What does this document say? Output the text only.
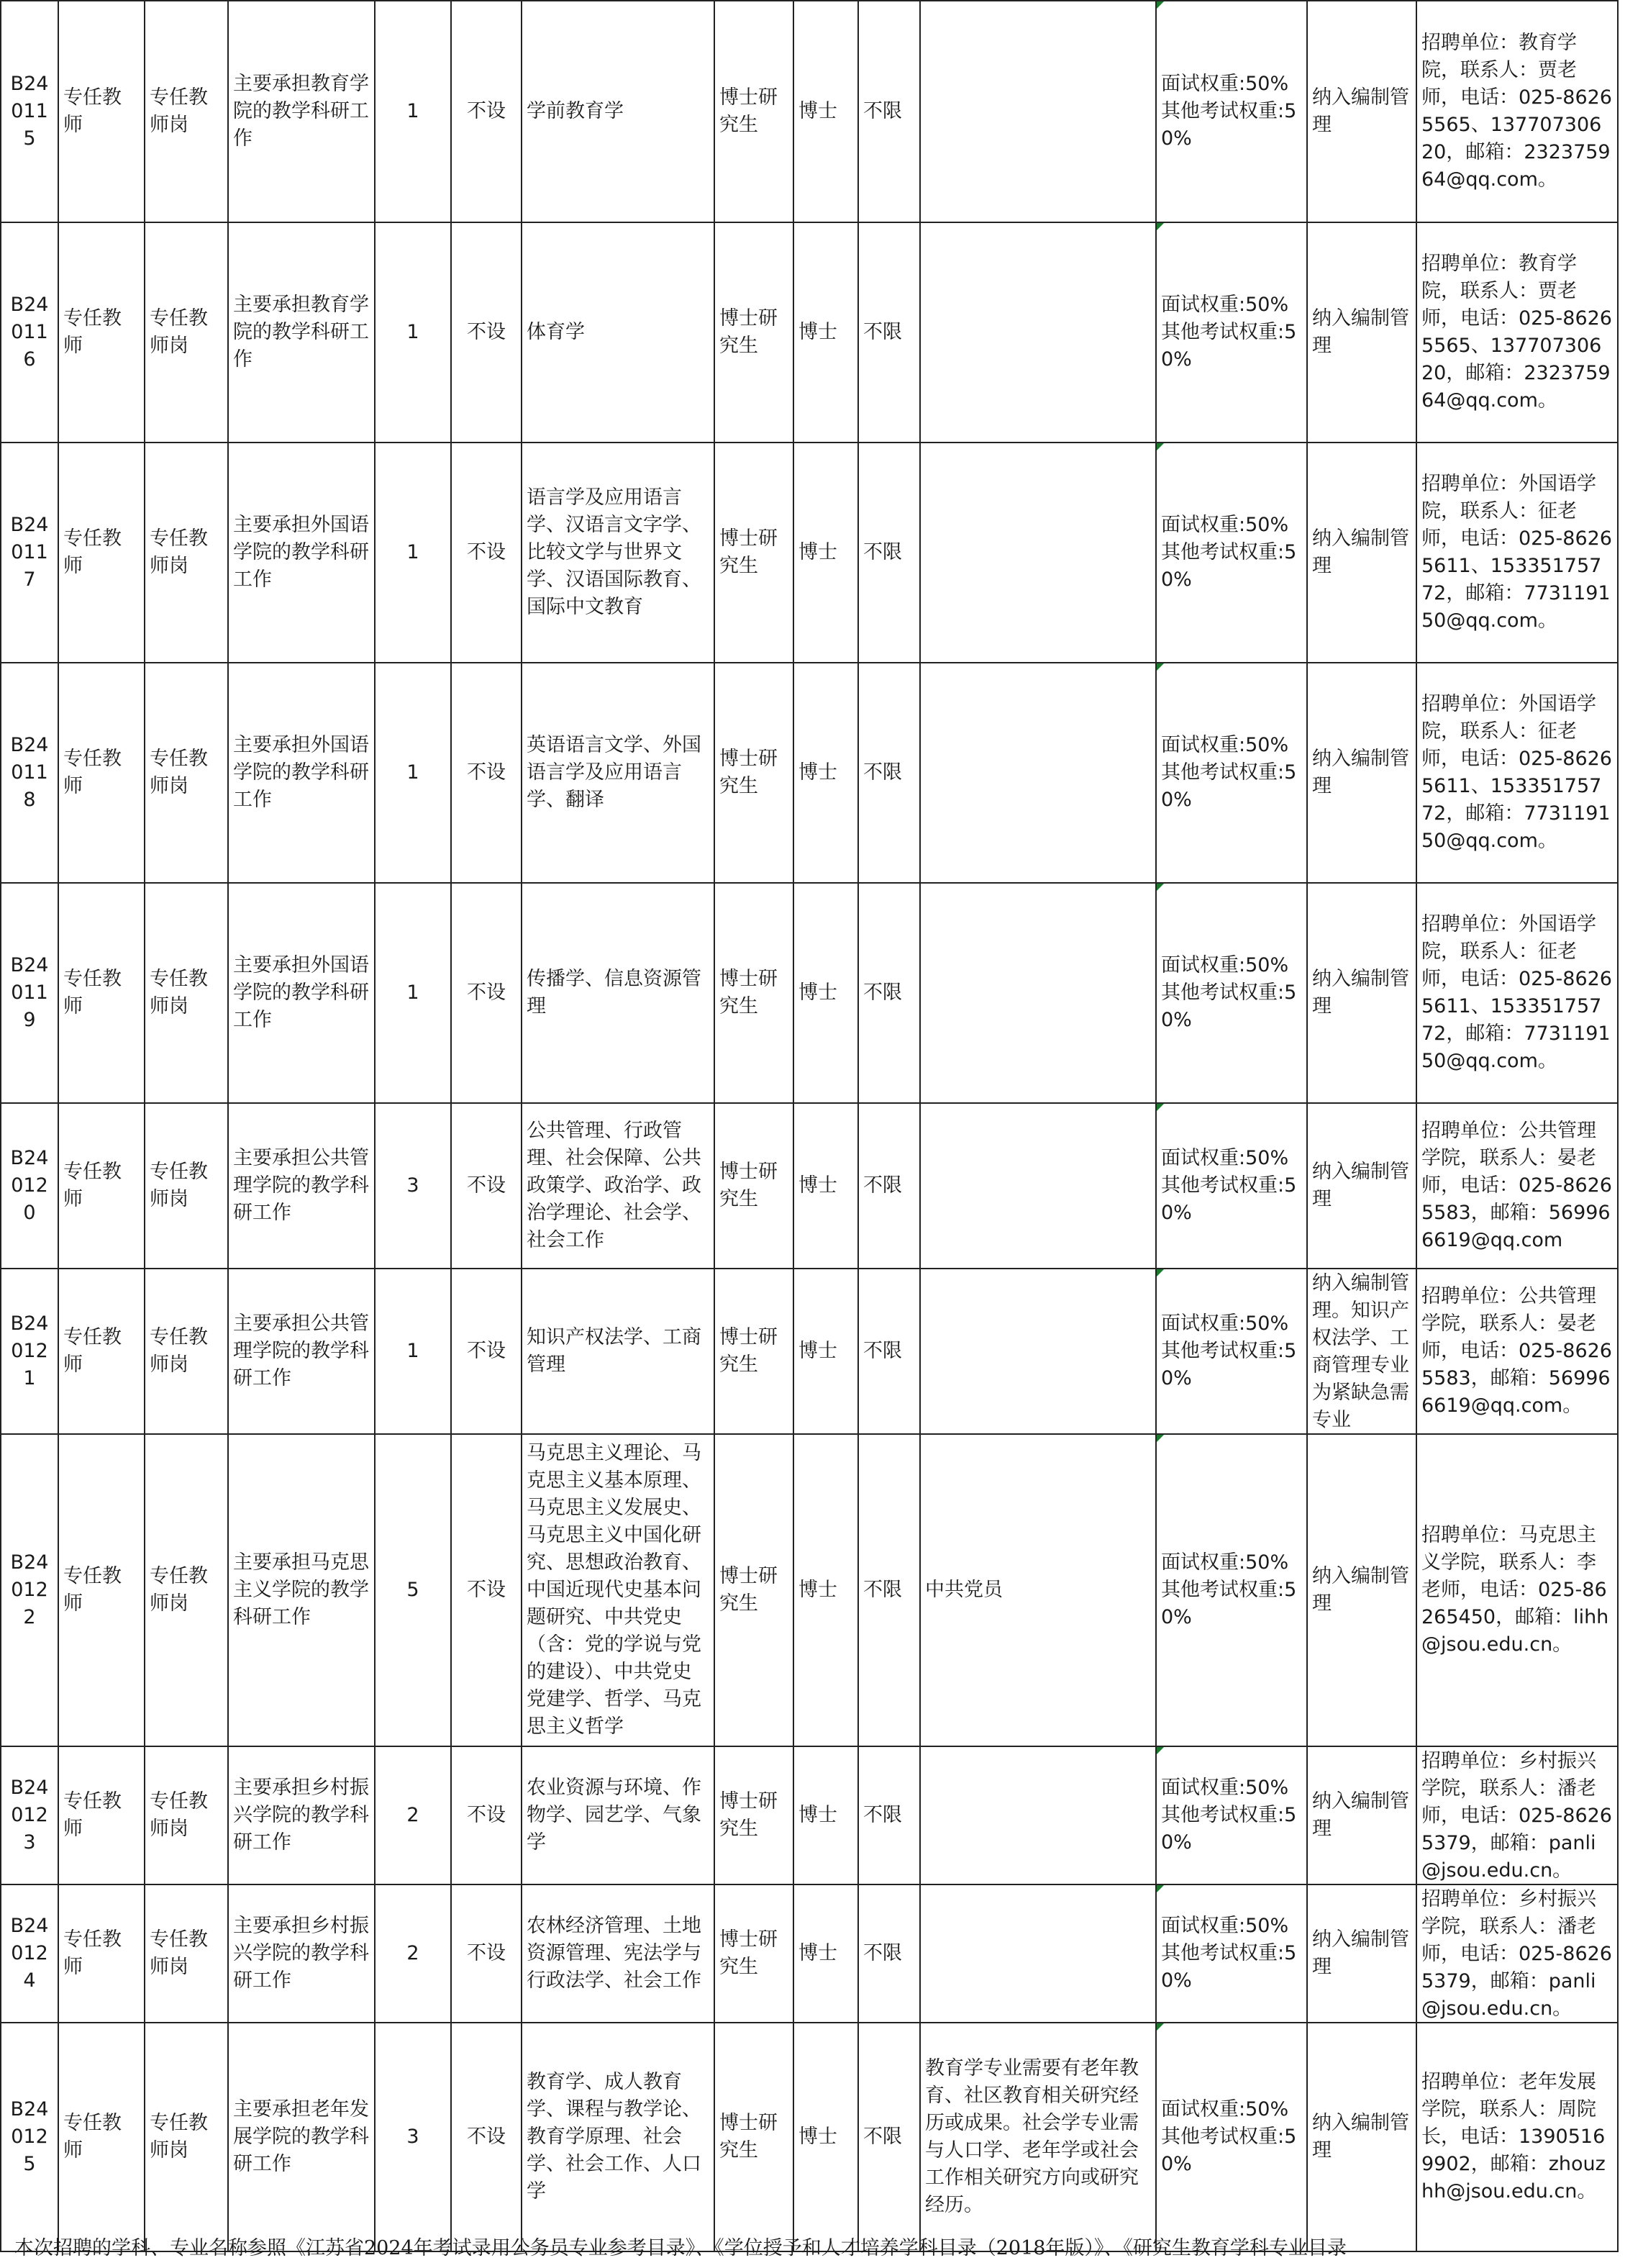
B240115	专任教师	专任教师岗	主要承担教育学院的教学科研工作	1	不设	学前教育学	博士研究生	博士	不限		面试权重:50%其他考试权重:50%	纳入编制管理	招聘单位：教育学院，联系人：贾老师，电话：025-86265565、13770730620，邮箱：232375964@qq.com。

B240116	专任教师	专任教师岗	主要承担教育学院的教学科研工作	1	不设	体育学	博士研究生	博士	不限		面试权重:50%其他考试权重:50%	纳入编制管理	招聘单位：教育学院，联系人：贾老师，电话：025-86265565、13770730620，邮箱：232375964@qq.com。

B240117	专任教师	专任教师岗	主要承担外国语学院的教学科研工作	1	不设	语言学及应用语言学、汉语言文字学、比较文学与世界文学、汉语国际教育、国际中文教育	博士研究生	博士	不限		面试权重:50%其他考试权重:50%	纳入编制管理	招聘单位：外国语学院，联系人：征老师，电话：025-86265611、15335175772，邮箱：773119150@qq.com。

B240118	专任教师	专任教师岗	主要承担外国语学院的教学科研工作	1	不设	英语语言文学、外国语言学及应用语言学、翻译	博士研究生	博士	不限		面试权重:50%其他考试权重:50%	纳入编制管理	招聘单位：外国语学院，联系人：征老师，电话：025-86265611、15335175772，邮箱：773119150@qq.com。

B240119	专任教师	专任教师岗	主要承担外国语学院的教学科研工作	1	不设	传播学、信息资源管理	博士研究生	博士	不限		面试权重:50%其他考试权重:50%	纳入编制管理	招聘单位：外国语学院，联系人：征老师，电话：025-86265611、15335175772，邮箱：773119150@qq.com。

B240120	专任教师	专任教师岗	主要承担公共管理学院的教学科研工作	3	不设	公共管理、行政管理、社会保障、公共政策学、政治学、政治学理论、社会学、社会工作	博士研究生	博士	不限		面试权重:50%其他考试权重:50%	纳入编制管理	招聘单位：公共管理学院，联系人：晏老师，电话：025-86265583，邮箱：569966619@qq.com

B240121	专任教师	专任教师岗	主要承担公共管理学院的教学科研工作	1	不设	知识产权法学、工商管理	博士研究生	博士	不限		面试权重:50%其他考试权重:50%	纳入编制管理。知识产权法学、工商管理专业为紧缺急需专业	招聘单位：公共管理学院，联系人：晏老师，电话：025-86265583，邮箱：569966619@qq.com。

B240122	专任教师	专任教师岗	主要承担马克思主义学院的教学科研工作	5	不设	马克思主义理论、马克思主义基本原理、马克思主义发展史、马克思主义中国化研究、思想政治教育、中国近现代史基本问题研究、中共党史（含：党的学说与党的建设）、中共党史党建学、哲学、马克思主义哲学	博士研究生	博士	不限	中共党员	面试权重:50%其他考试权重:50%	纳入编制管理	招聘单位：马克思主义学院，联系人：李老师，电话：025-86265450，邮箱：lihh@jsou.edu.cn。

B240123	专任教师	专任教师岗	主要承担乡村振兴学院的教学科研工作	2	不设	农业资源与环境、作物学、园艺学、气象学	博士研究生	博士	不限		面试权重:50%其他考试权重:50%	纳入编制管理	招聘单位：乡村振兴学院，联系人：潘老师，电话：025-86265379，邮箱：panli@jsou.edu.cn。

B240124	专任教师	专任教师岗	主要承担乡村振兴学院的教学科研工作	2	不设	农林经济管理、土地资源管理、宪法学与行政法学、社会工作	博士研究生	博士	不限		面试权重:50%其他考试权重:50%	纳入编制管理	招聘单位：乡村振兴学院，联系人：潘老师，电话：025-86265379，邮箱：panli@jsou.edu.cn。

B240125	专任教师	专任教师岗	主要承担老年发展学院的教学科研工作	3	不设	教育学、成人教育学、课程与教学论、教育学原理、社会学、社会工作、人口学	博士研究生	博士	不限	教育学专业需要有老年教育、社区教育相关研究经历或成果。社会学专业需与人口学、老年学或社会工作相关研究方向或研究经历。	面试权重:50%其他考试权重:50%	纳入编制管理	招聘单位：老年发展学院，联系人：周院长，电话：13905169902，邮箱：zhouzhh@jsou.edu.cn。
本次招聘的学科、专业名称参照《江苏省2024年考试录用公务员专业参考目录》、《学位授予和人才培养学科目录（2018年版）》、《研究生教育学科专业目录
